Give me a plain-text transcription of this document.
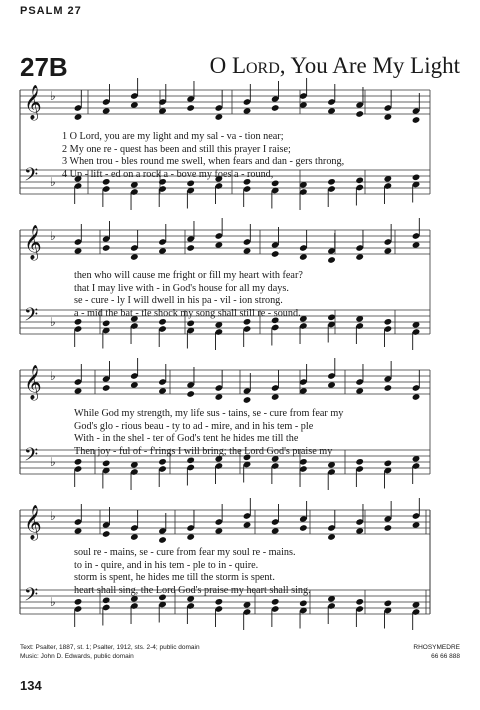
PSALM 27
27B	O Lord, You Are My Light
𝄞 ♭
𝄢 ♭
𝄞 ♭
𝄢 ♭
𝄞 ♭
𝄢 ♭
𝄞 ♭
𝄢 ♭
1 O Lord, you are my light and my sal - va - tion near;
2 My one re - quest has been and still this prayer I raise;
3 When trou - bles round me swell, when fears and dan - gers throng,
4 Up - lift - ed on a rock a - bove my foes a - round,
then who will cause me fright or fill my heart with fear?
that I may live with - in God's house for all my days.
se - cure - ly I will dwell in his pa - vil - ion strong.
a - mid the bat - tle shock my song shall still re - sound.
While God my strength, my life sus - tains, se - cure from fear my
God's glo - rious beau - ty to ad - mire, and in his tem - ple
With - in the shel - ter of God's tent he hides me till the
Then joy - ful of - f'rings I will bring; the Lord God's praise my
soul re - mains, se - cure from fear my soul re - mains.
to in - quire, and in his tem - ple to in - quire.
storm is spent, he hides me till the storm is spent.
heart shall sing, the Lord God's praise my heart shall sing.
Text: Psalter, 1887, st. 1; Psalter, 1912, sts. 2-4; public domain
Music: John D. Edwards, public domain
RHOSYMEDRE
66 66 888
134
